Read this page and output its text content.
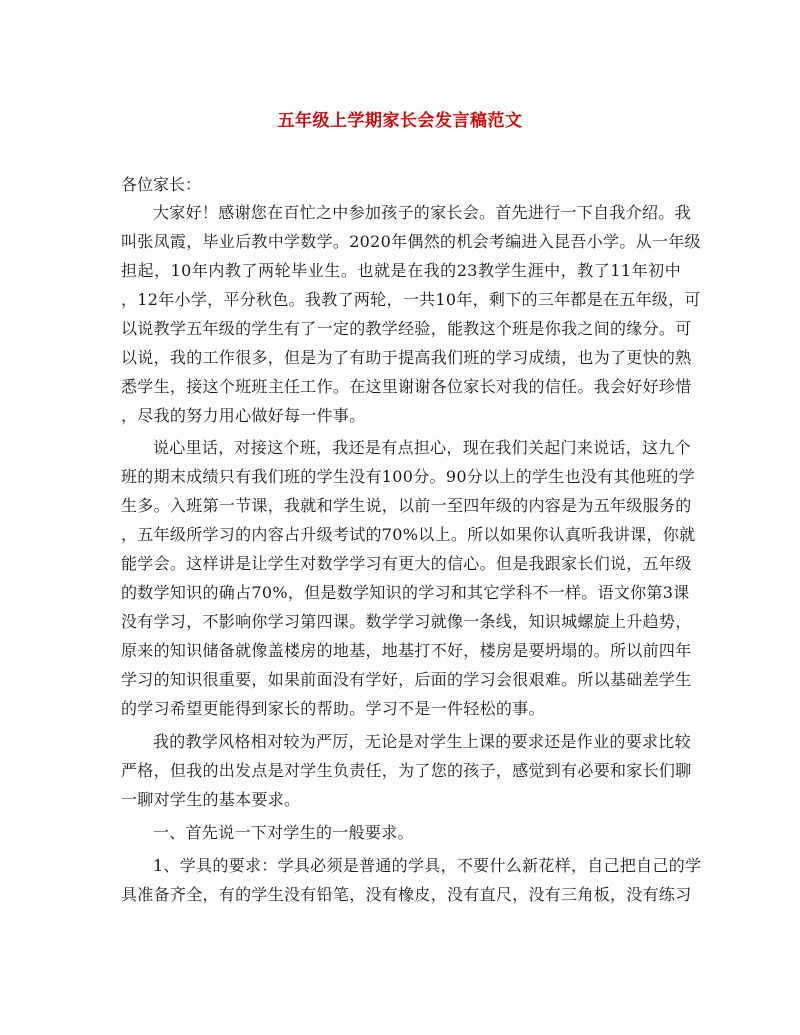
五年级上学期家长会发言稿范文
各位家长：
大家好！感谢您在百忙之中参加孩子的家长会。首先进行一下自我介绍。我
叫张凤霞，毕业后教中学数学。2020年偶然的机会考编进入昆吾小学。从一年级
担起，10年内教了两轮毕业生。也就是在我的23教学生涯中，教了11年初中
，12年小学，平分秋色。我教了两轮，一共10年，剩下的三年都是在五年级，可
以说教学五年级的学生有了一定的教学经验，能教这个班是你我之间的缘分。可
以说，我的工作很多，但是为了有助于提高我们班的学习成绩，也为了更快的熟
悉学生，接这个班班主任工作。在这里谢谢各位家长对我的信任。我会好好珍惜
，尽我的努力用心做好每一件事。
说心里话，对接这个班，我还是有点担心，现在我们关起门来说话，这九个
班的期末成绩只有我们班的学生没有100分。90分以上的学生也没有其他班的学
生多。入班第一节课，我就和学生说，以前一至四年级的内容是为五年级服务的
，五年级所学习的内容占升级考试的70%以上。所以如果你认真听我讲课，你就
能学会。这样讲是让学生对数学学习有更大的信心。但是我跟家长们说，五年级
的数学知识的确占70%，但是数学知识的学习和其它学科不一样。语文你第3课
没有学习，不影响你学习第四课。数学学习就像一条线，知识城螺旋上升趋势，
原来的知识储备就像盖楼房的地基，地基打不好，楼房是要坍塌的。所以前四年
学习的知识很重要，如果前面没有学好，后面的学习会很艰难。所以基础差学生
的学习希望更能得到家长的帮助。学习不是一件轻松的事。
我的教学风格相对较为严厉，无论是对学生上课的要求还是作业的要求比较
严格，但我的出发点是对学生负责任，为了您的孩子，感觉到有必要和家长们聊
一聊对学生的基本要求。
一、首先说一下对学生的一般要求。
1、学具的要求：学具必须是普通的学具，不要什么新花样，自己把自己的学
具准备齐全，有的学生没有铅笔，没有橡皮，没有直尺，没有三角板，没有练习
